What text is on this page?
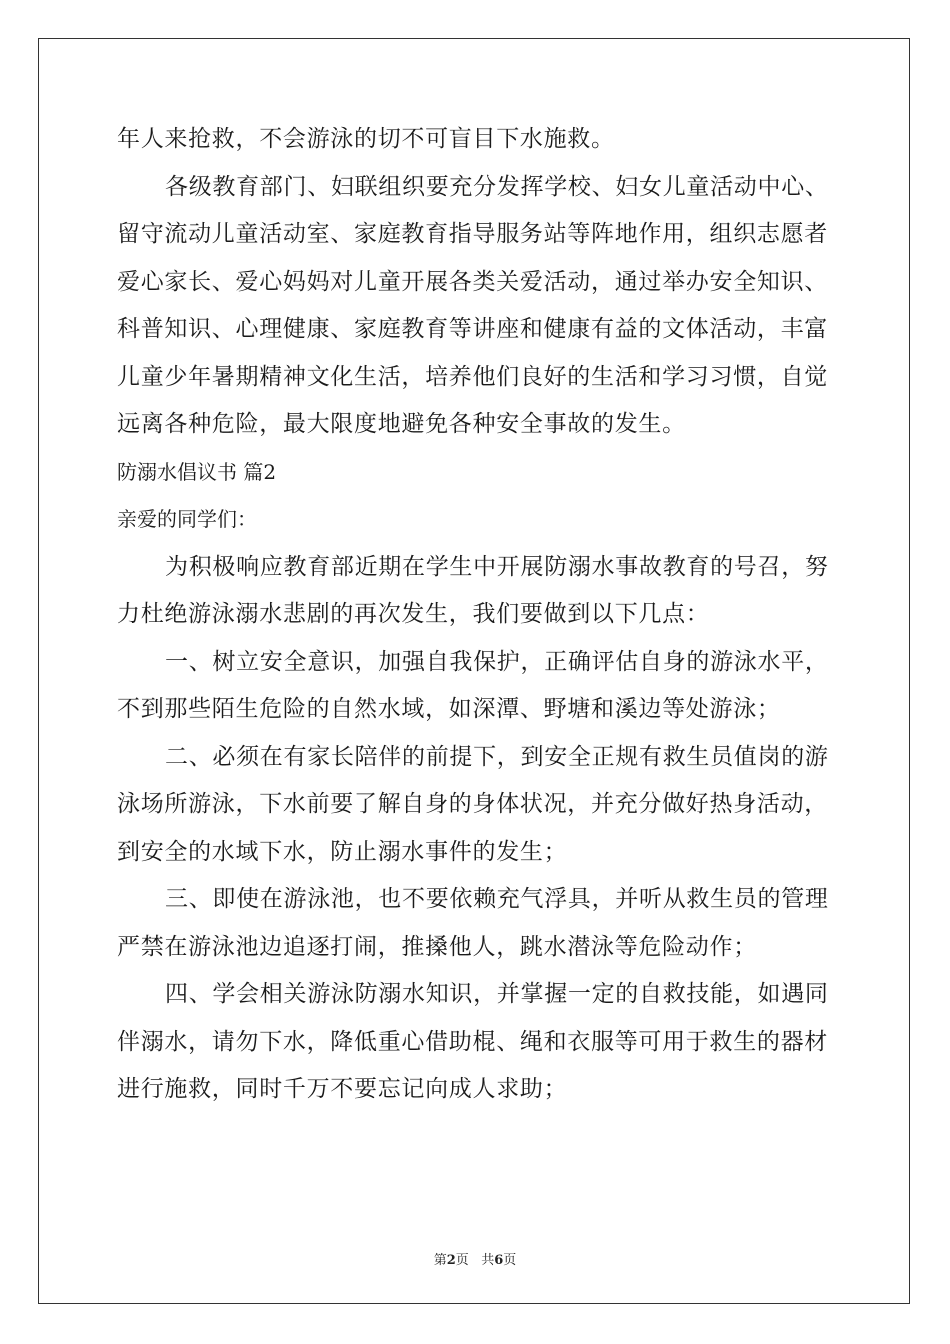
年人来抢救，不会游泳的切不可盲目下水施救。
各级教育部门、妇联组织要充分发挥学校、妇女儿童活动中心、
留守流动儿童活动室、家庭教育指导服务站等阵地作用，组织志愿者
爱心家长、爱心妈妈对儿童开展各类关爱活动，通过举办安全知识、
科普知识、心理健康、家庭教育等讲座和健康有益的文体活动，丰富
儿童少年暑期精神文化生活，培养他们良好的生活和学习习惯，自觉
远离各种危险，最大限度地避免各种安全事故的发生。
防溺水倡议书 篇2
亲爱的同学们：
为积极响应教育部近期在学生中开展防溺水事故教育的号召，努
力杜绝游泳溺水悲剧的再次发生，我们要做到以下几点：
一、树立安全意识，加强自我保护，正确评估自身的游泳水平，
不到那些陌生危险的自然水域，如深潭、野塘和溪边等处游泳；
二、必须在有家长陪伴的前提下，到安全正规有救生员值岗的游
泳场所游泳，下水前要了解自身的身体状况，并充分做好热身活动，
到安全的水域下水，防止溺水事件的发生；
三、即使在游泳池，也不要依赖充气浮具，并听从救生员的管理
严禁在游泳池边追逐打闹，推搡他人，跳水潜泳等危险动作；
四、学会相关游泳防溺水知识，并掌握一定的自救技能，如遇同
伴溺水，请勿下水，降低重心借助棍、绳和衣服等可用于救生的器材
进行施救，同时千万不要忘记向成人求助；
第2页 共6页
